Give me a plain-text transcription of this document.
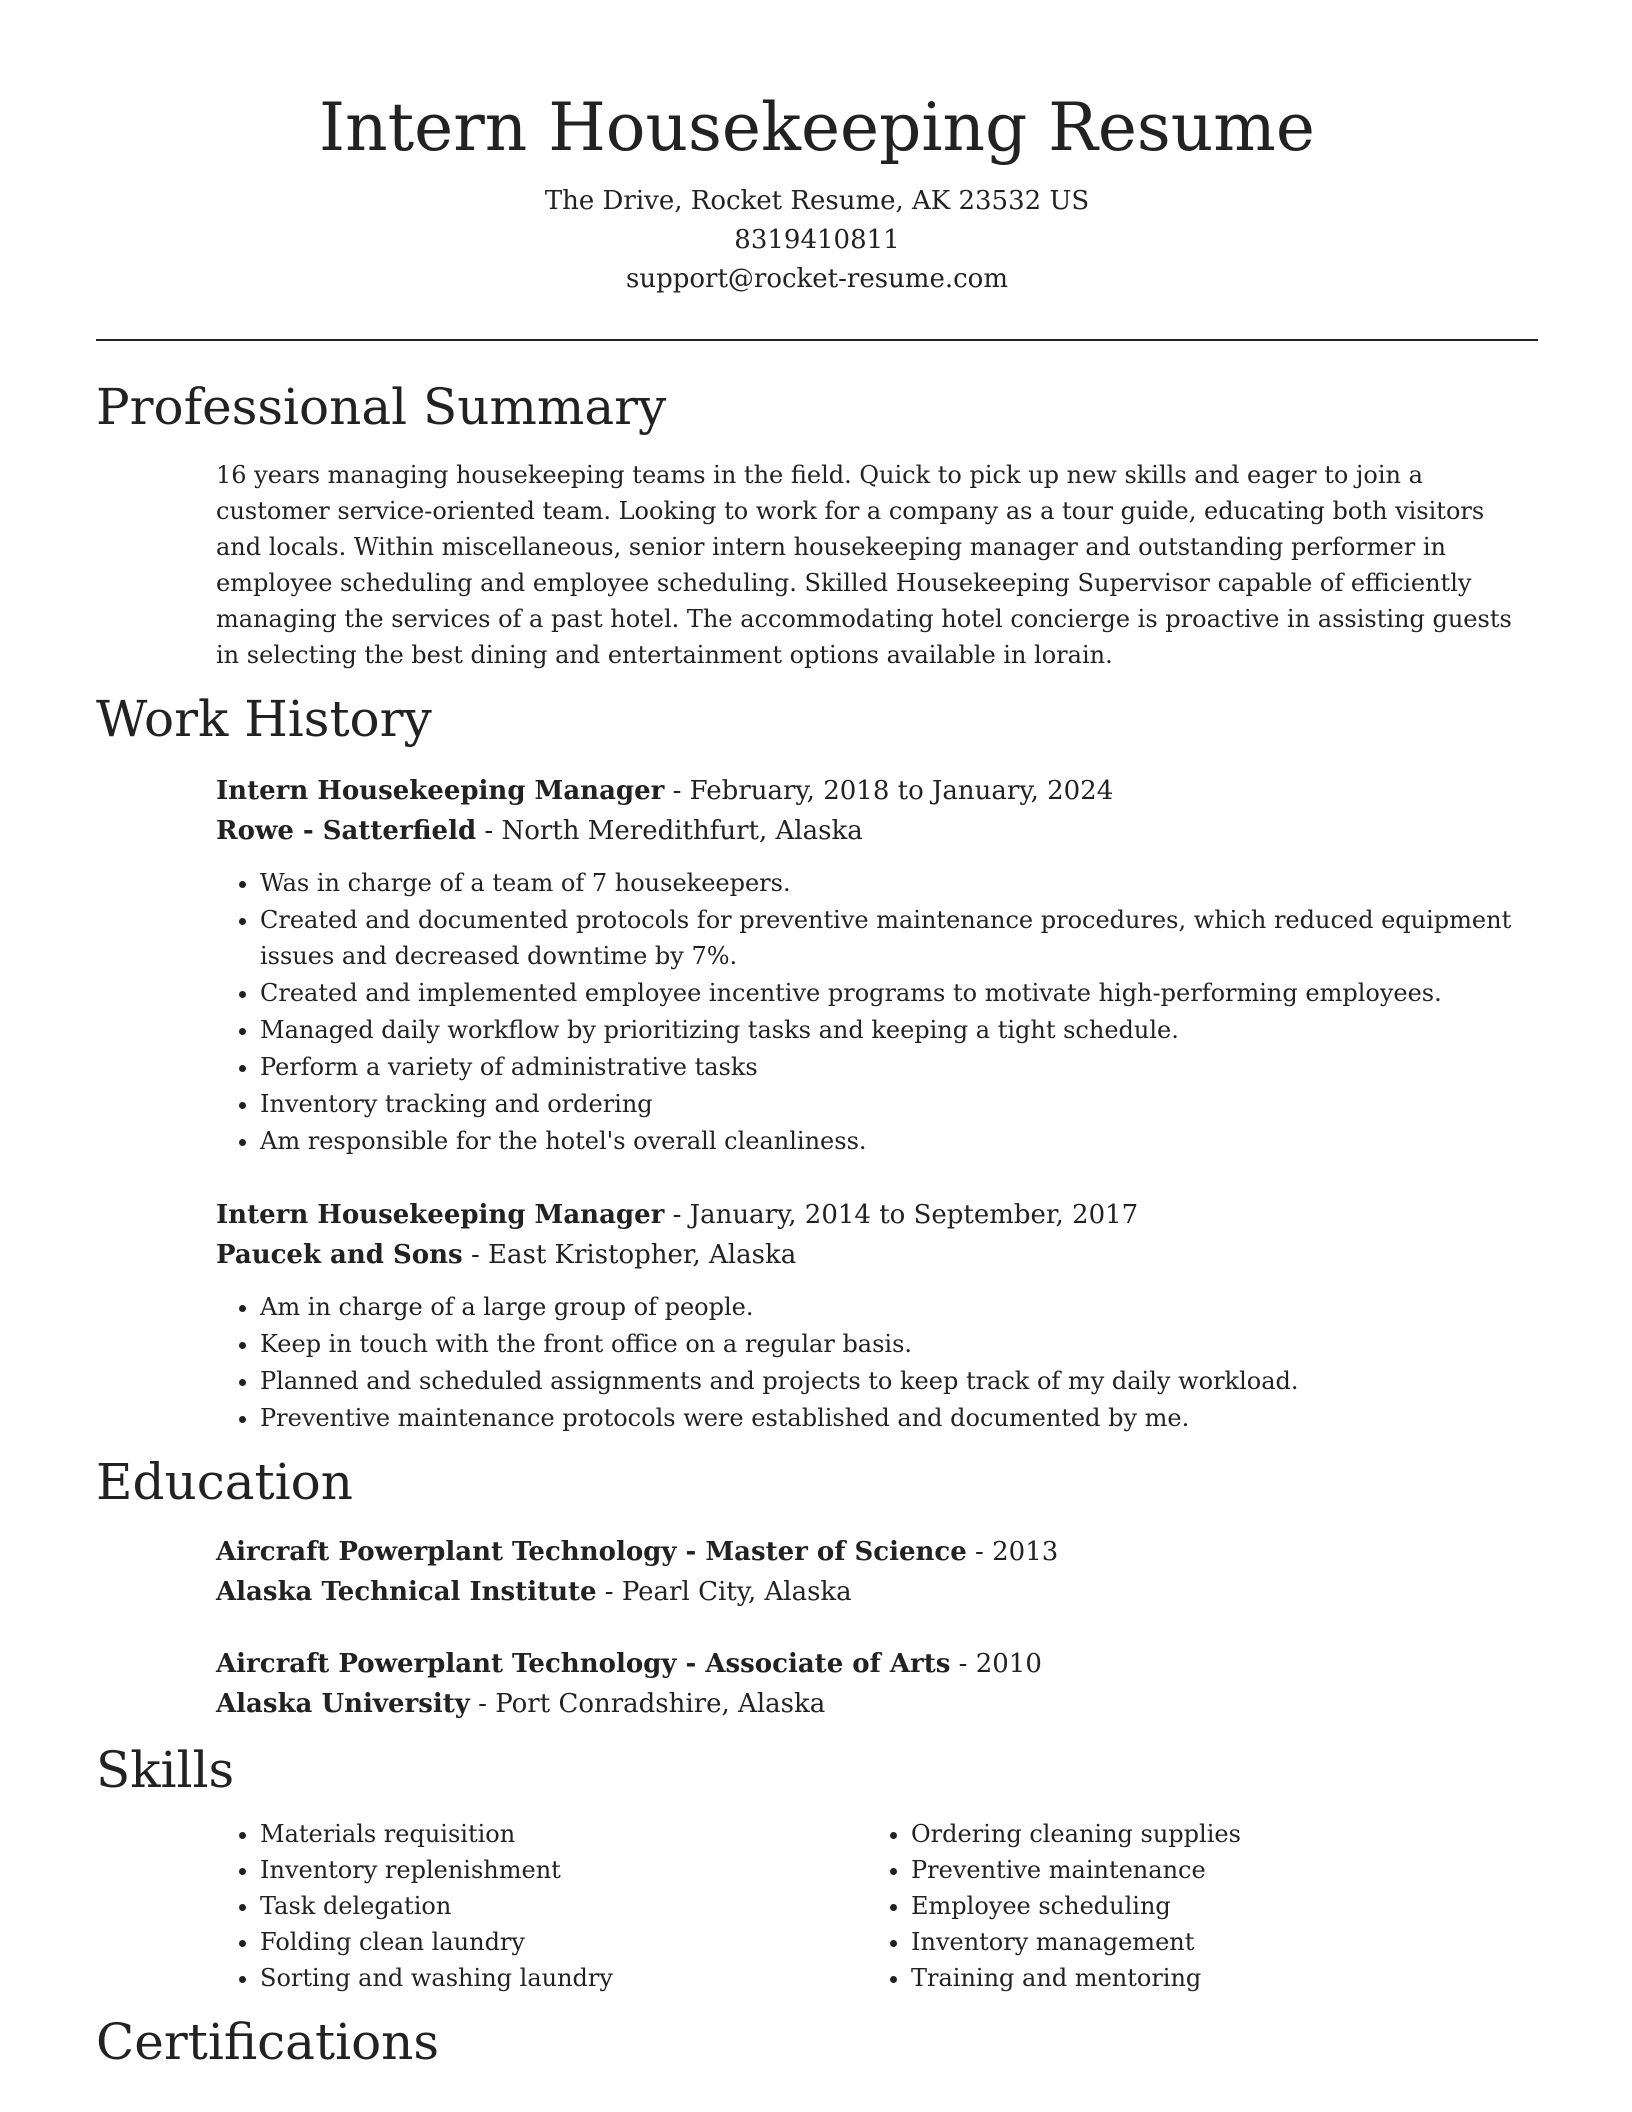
Intern Housekeeping Resume
The Drive, Rocket Resume, AK 23532 US
8319410811
support@rocket-resume.com
Professional Summary
16 years managing housekeeping teams in the field. Quick to pick up new skills and eager to join a customer service-oriented team. Looking to work for a company as a tour guide, educating both visitors and locals. Within miscellaneous, senior intern housekeeping manager and outstanding performer in employee scheduling and employee scheduling. Skilled Housekeeping Supervisor capable of efficiently managing the services of a past hotel. The accommodating hotel concierge is proactive in assisting guests in selecting the best dining and entertainment options available in lorain.
Work History
Intern Housekeeping Manager - February, 2018 to January, 2024
Rowe - Satterfield - North Meredithfurt, Alaska
• Was in charge of a team of 7 housekeepers.
• Created and documented protocols for preventive maintenance procedures, which reduced equipment issues and decreased downtime by 7%.
• Created and implemented employee incentive programs to motivate high-performing employees.
• Managed daily workflow by prioritizing tasks and keeping a tight schedule.
• Perform a variety of administrative tasks
• Inventory tracking and ordering
• Am responsible for the hotel's overall cleanliness.
Intern Housekeeping Manager - January, 2014 to September, 2017
Paucek and Sons - East Kristopher, Alaska
• Am in charge of a large group of people.
• Keep in touch with the front office on a regular basis.
• Planned and scheduled assignments and projects to keep track of my daily workload.
• Preventive maintenance protocols were established and documented by me.
Education
Aircraft Powerplant Technology - Master of Science - 2013
Alaska Technical Institute - Pearl City, Alaska
Aircraft Powerplant Technology - Associate of Arts - 2010
Alaska University - Port Conradshire, Alaska
Skills
• Materials requisition
• Inventory replenishment
• Task delegation
• Folding clean laundry
• Sorting and washing laundry
• Ordering cleaning supplies
• Preventive maintenance
• Employee scheduling
• Inventory management
• Training and mentoring
Certifications
